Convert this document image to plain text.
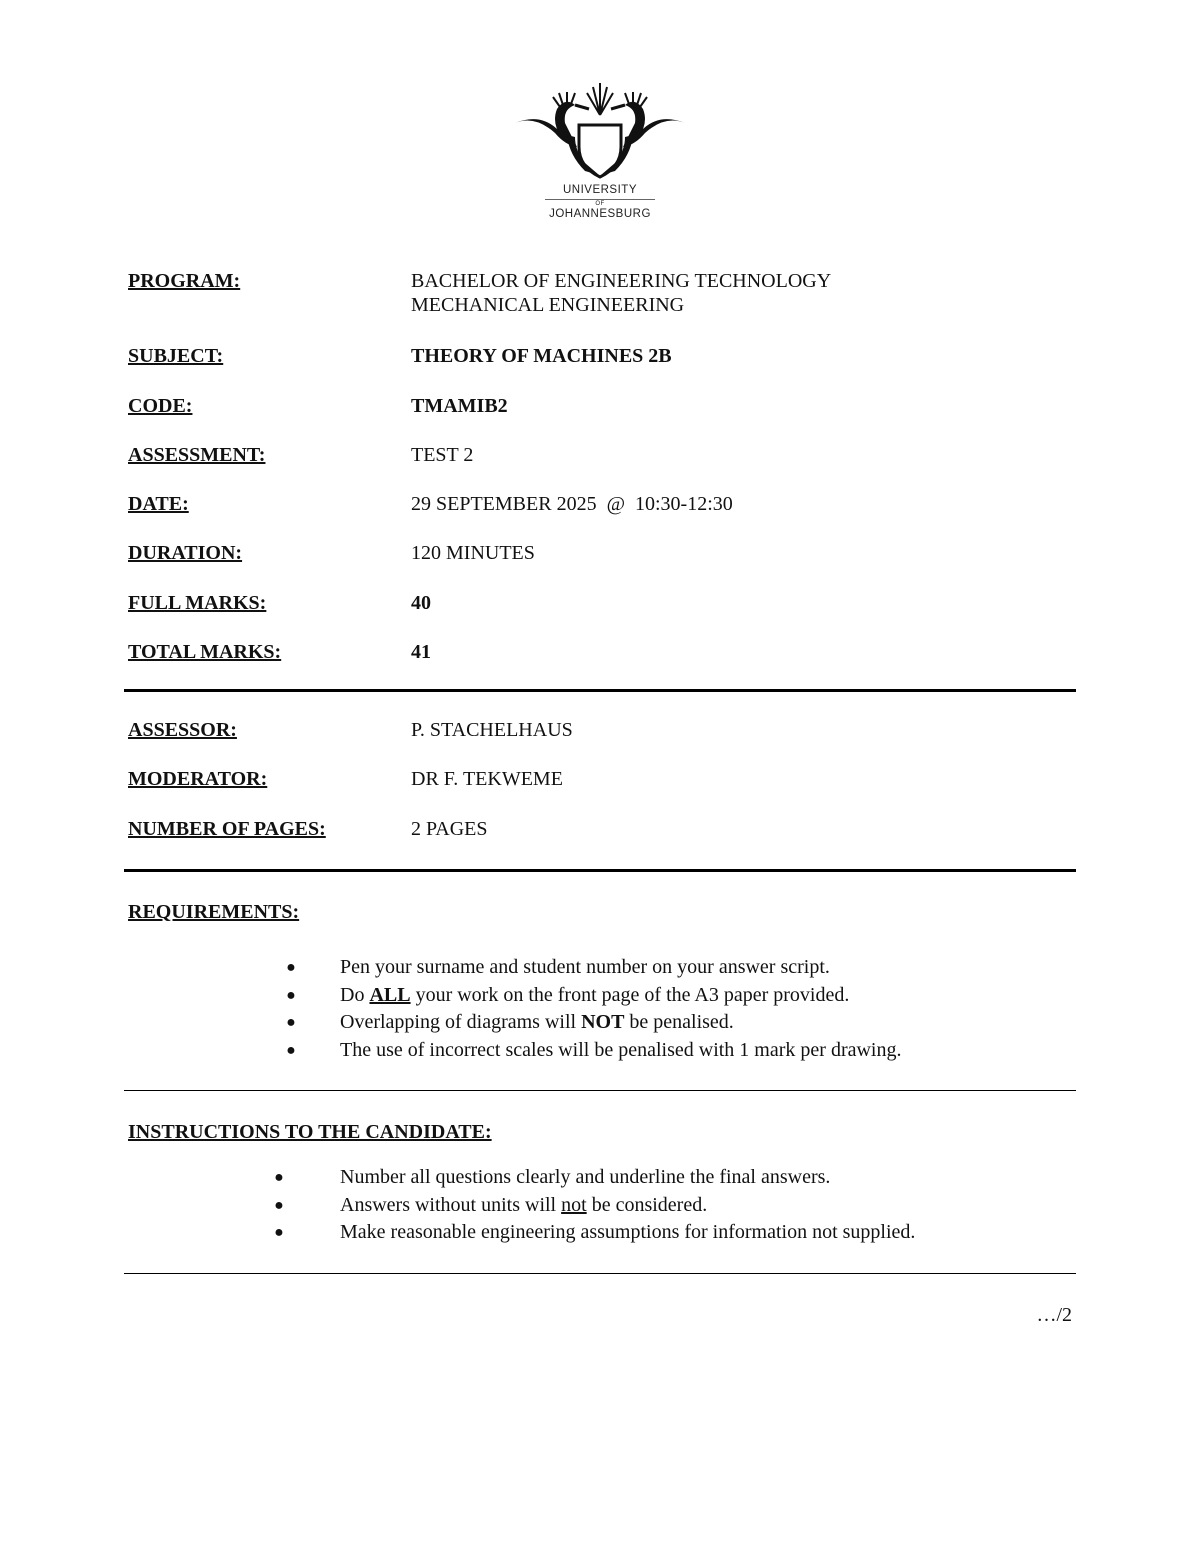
UNIVERSITY
OF
JOHANNESBURG
PROGRAM:	BACHELOR OF ENGINEERING TECHNOLOGY
MECHANICAL ENGINEERING
SUBJECT:	THEORY OF MACHINES 2B
CODE:	TMAMIB2
ASSESSMENT:	TEST 2
DATE:	29 SEPTEMBER 2025  @  10:30-12:30
DURATION:	120 MINUTES
FULL MARKS:	40
TOTAL MARKS:	41
ASSESSOR:	P. STACHELHAUS
MODERATOR:	DR F. TEKWEME
NUMBER OF PAGES:	2 PAGES
REQUIREMENTS:
● Pen your surname and student number on your answer script.
● Do ALL your work on the front page of the A3 paper provided.
● Overlapping of diagrams will NOT be penalised.
● The use of incorrect scales will be penalised with 1 mark per drawing.
INSTRUCTIONS TO THE CANDIDATE:
●	Number all questions clearly and underline the final answers.
●	Answers without units will not be considered.
●	Make reasonable engineering assumptions for information not supplied.
…/2
